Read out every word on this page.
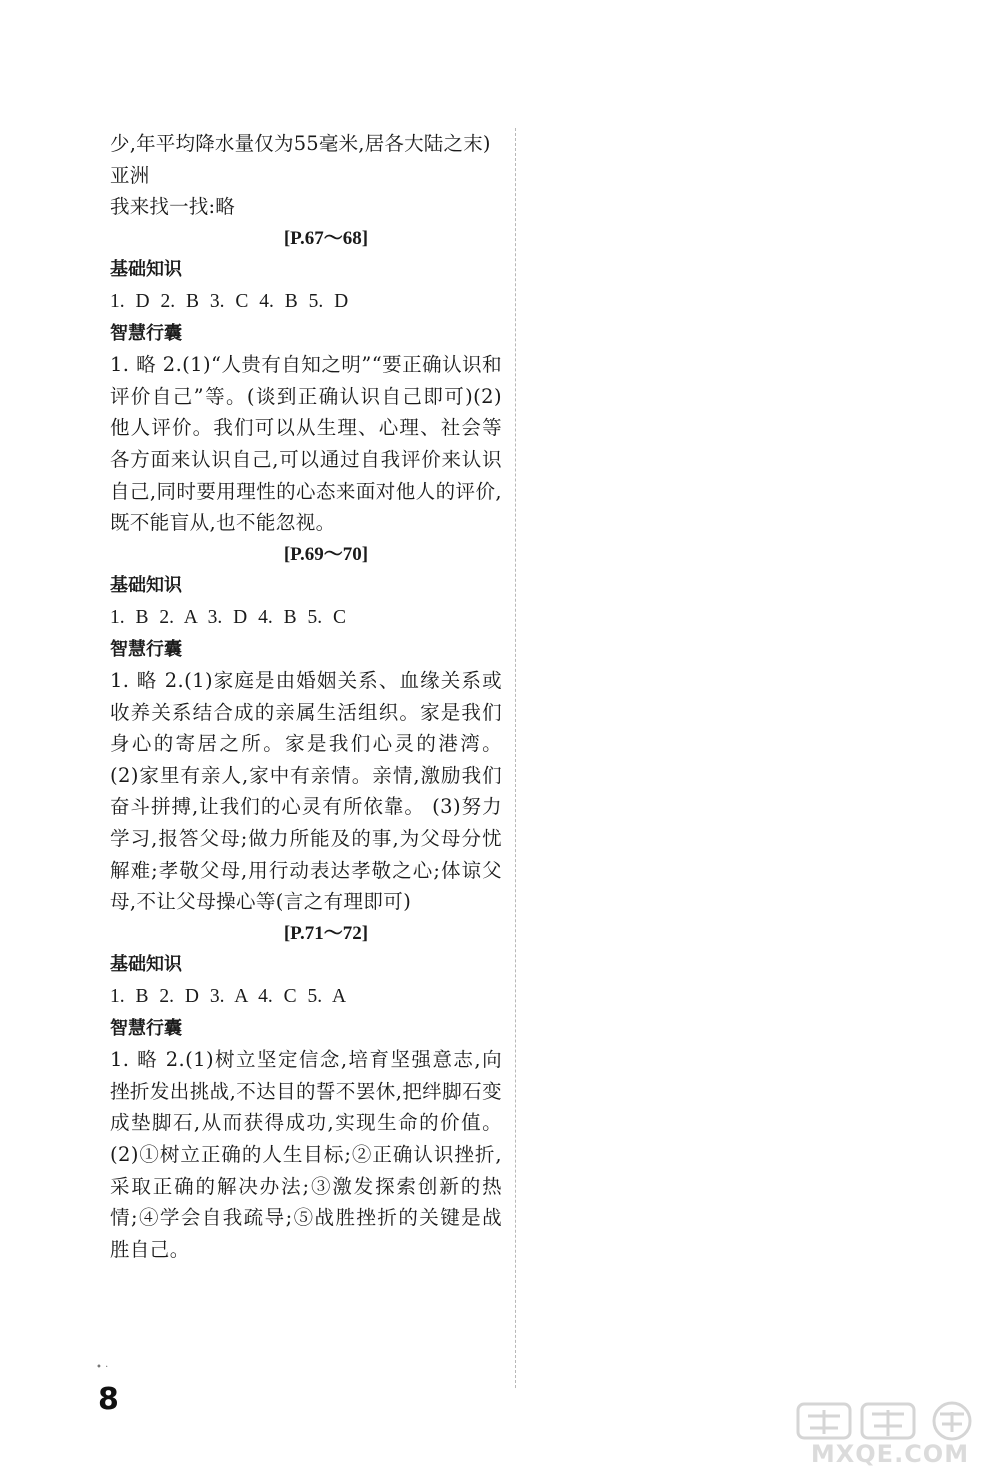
少,年平均降水量仅为55毫米,居各大陆之末)
亚洲
我来找一找:略
[P.67～68]
基础知识
1. D 2. B 3. C 4. B 5. D
智慧行囊
1. 略 2.(1)“人贵有自知之明”“要正确认识和评价自己”等。(谈到正确认识自己即可)(2)他人评价。我们可以从生理、心理、社会等各方面来认识自己,可以通过自我评价来认识自己,同时要用理性的心态来面对他人的评价,既不能盲从,也不能忽视。
[P.69～70]
基础知识
1. B 2. A 3. D 4. B 5. C
智慧行囊
1. 略 2.(1)家庭是由婚姻关系、血缘关系或收养关系结合成的亲属生活组织。家是我们身心的寄居之所。家是我们心灵的港湾。 (2)家里有亲人,家中有亲情。亲情,激励我们奋斗拼搏,让我们的心灵有所依靠。 (3)努力学习,报答父母;做力所能及的事,为父母分忧解难;孝敬父母,用行动表达孝敬之心;体谅父母,不让父母操心等(言之有理即可)
[P.71～72]
基础知识
1. B 2. D 3. A 4. C 5. A
智慧行囊
1. 略 2.(1)树立坚定信念,培育坚强意志,向挫折发出挑战,不达目的誓不罢休,把绊脚石变成垫脚石,从而获得成功,实现生命的价值。(2)①树立正确的人生目标;②正确认识挫折,采取正确的解决办法;③激发探索创新的热情;④学会自我疏导;⑤战胜挫折的关键是战胜自己。
• ·
8
MXQE.COM
